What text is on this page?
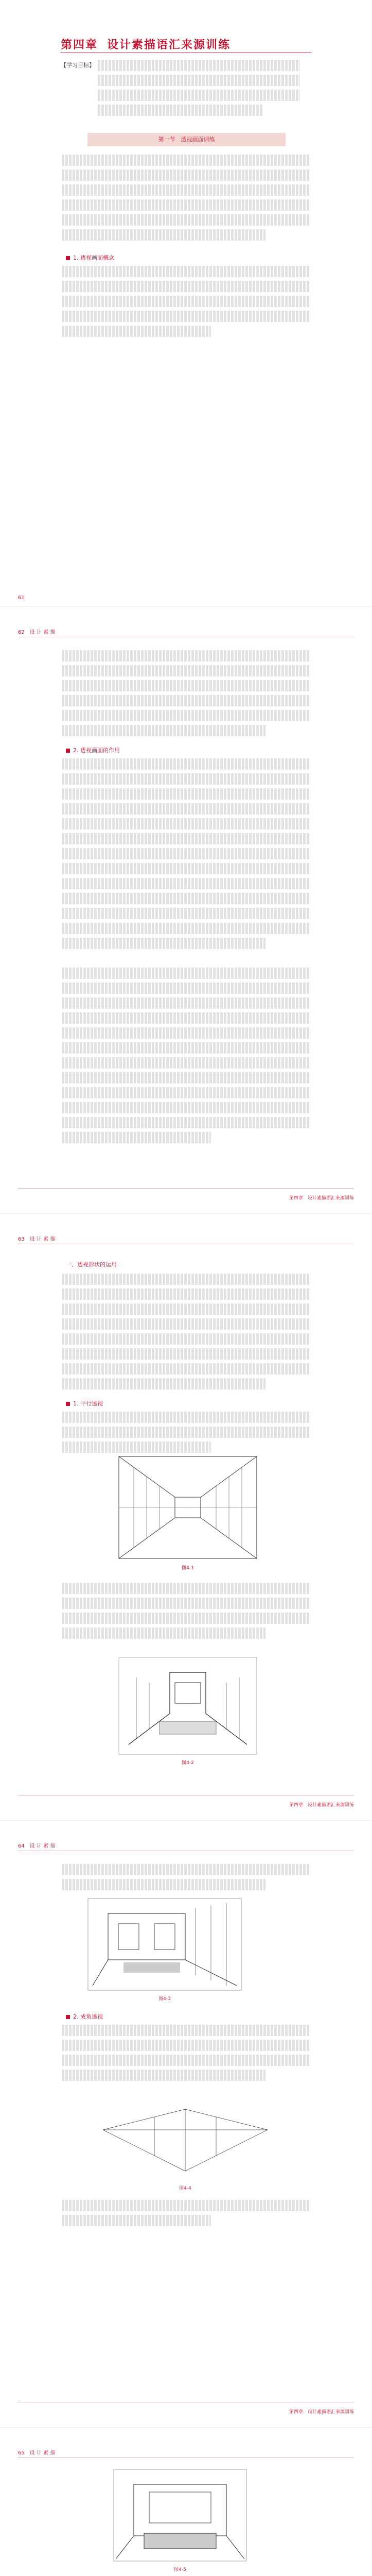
第四章 设计素描语汇来源训练
【学习目标】
第一节　透视画面训练
1. 透视画面概念
61
62　 设 计 素 描
2. 透视画面的作用
第四章　设计素描语汇来源训练
63　 设 计 素 描
一、透视形状的运用
1. 平行透视
图4-1
图4-2
第四章　设计素描语汇来源训练
64　 设 计 素 描
图4-3
2. 成角透视
图4-4
第四章　设计素描语汇来源训练
65　 设 计 素 描
图4-5
